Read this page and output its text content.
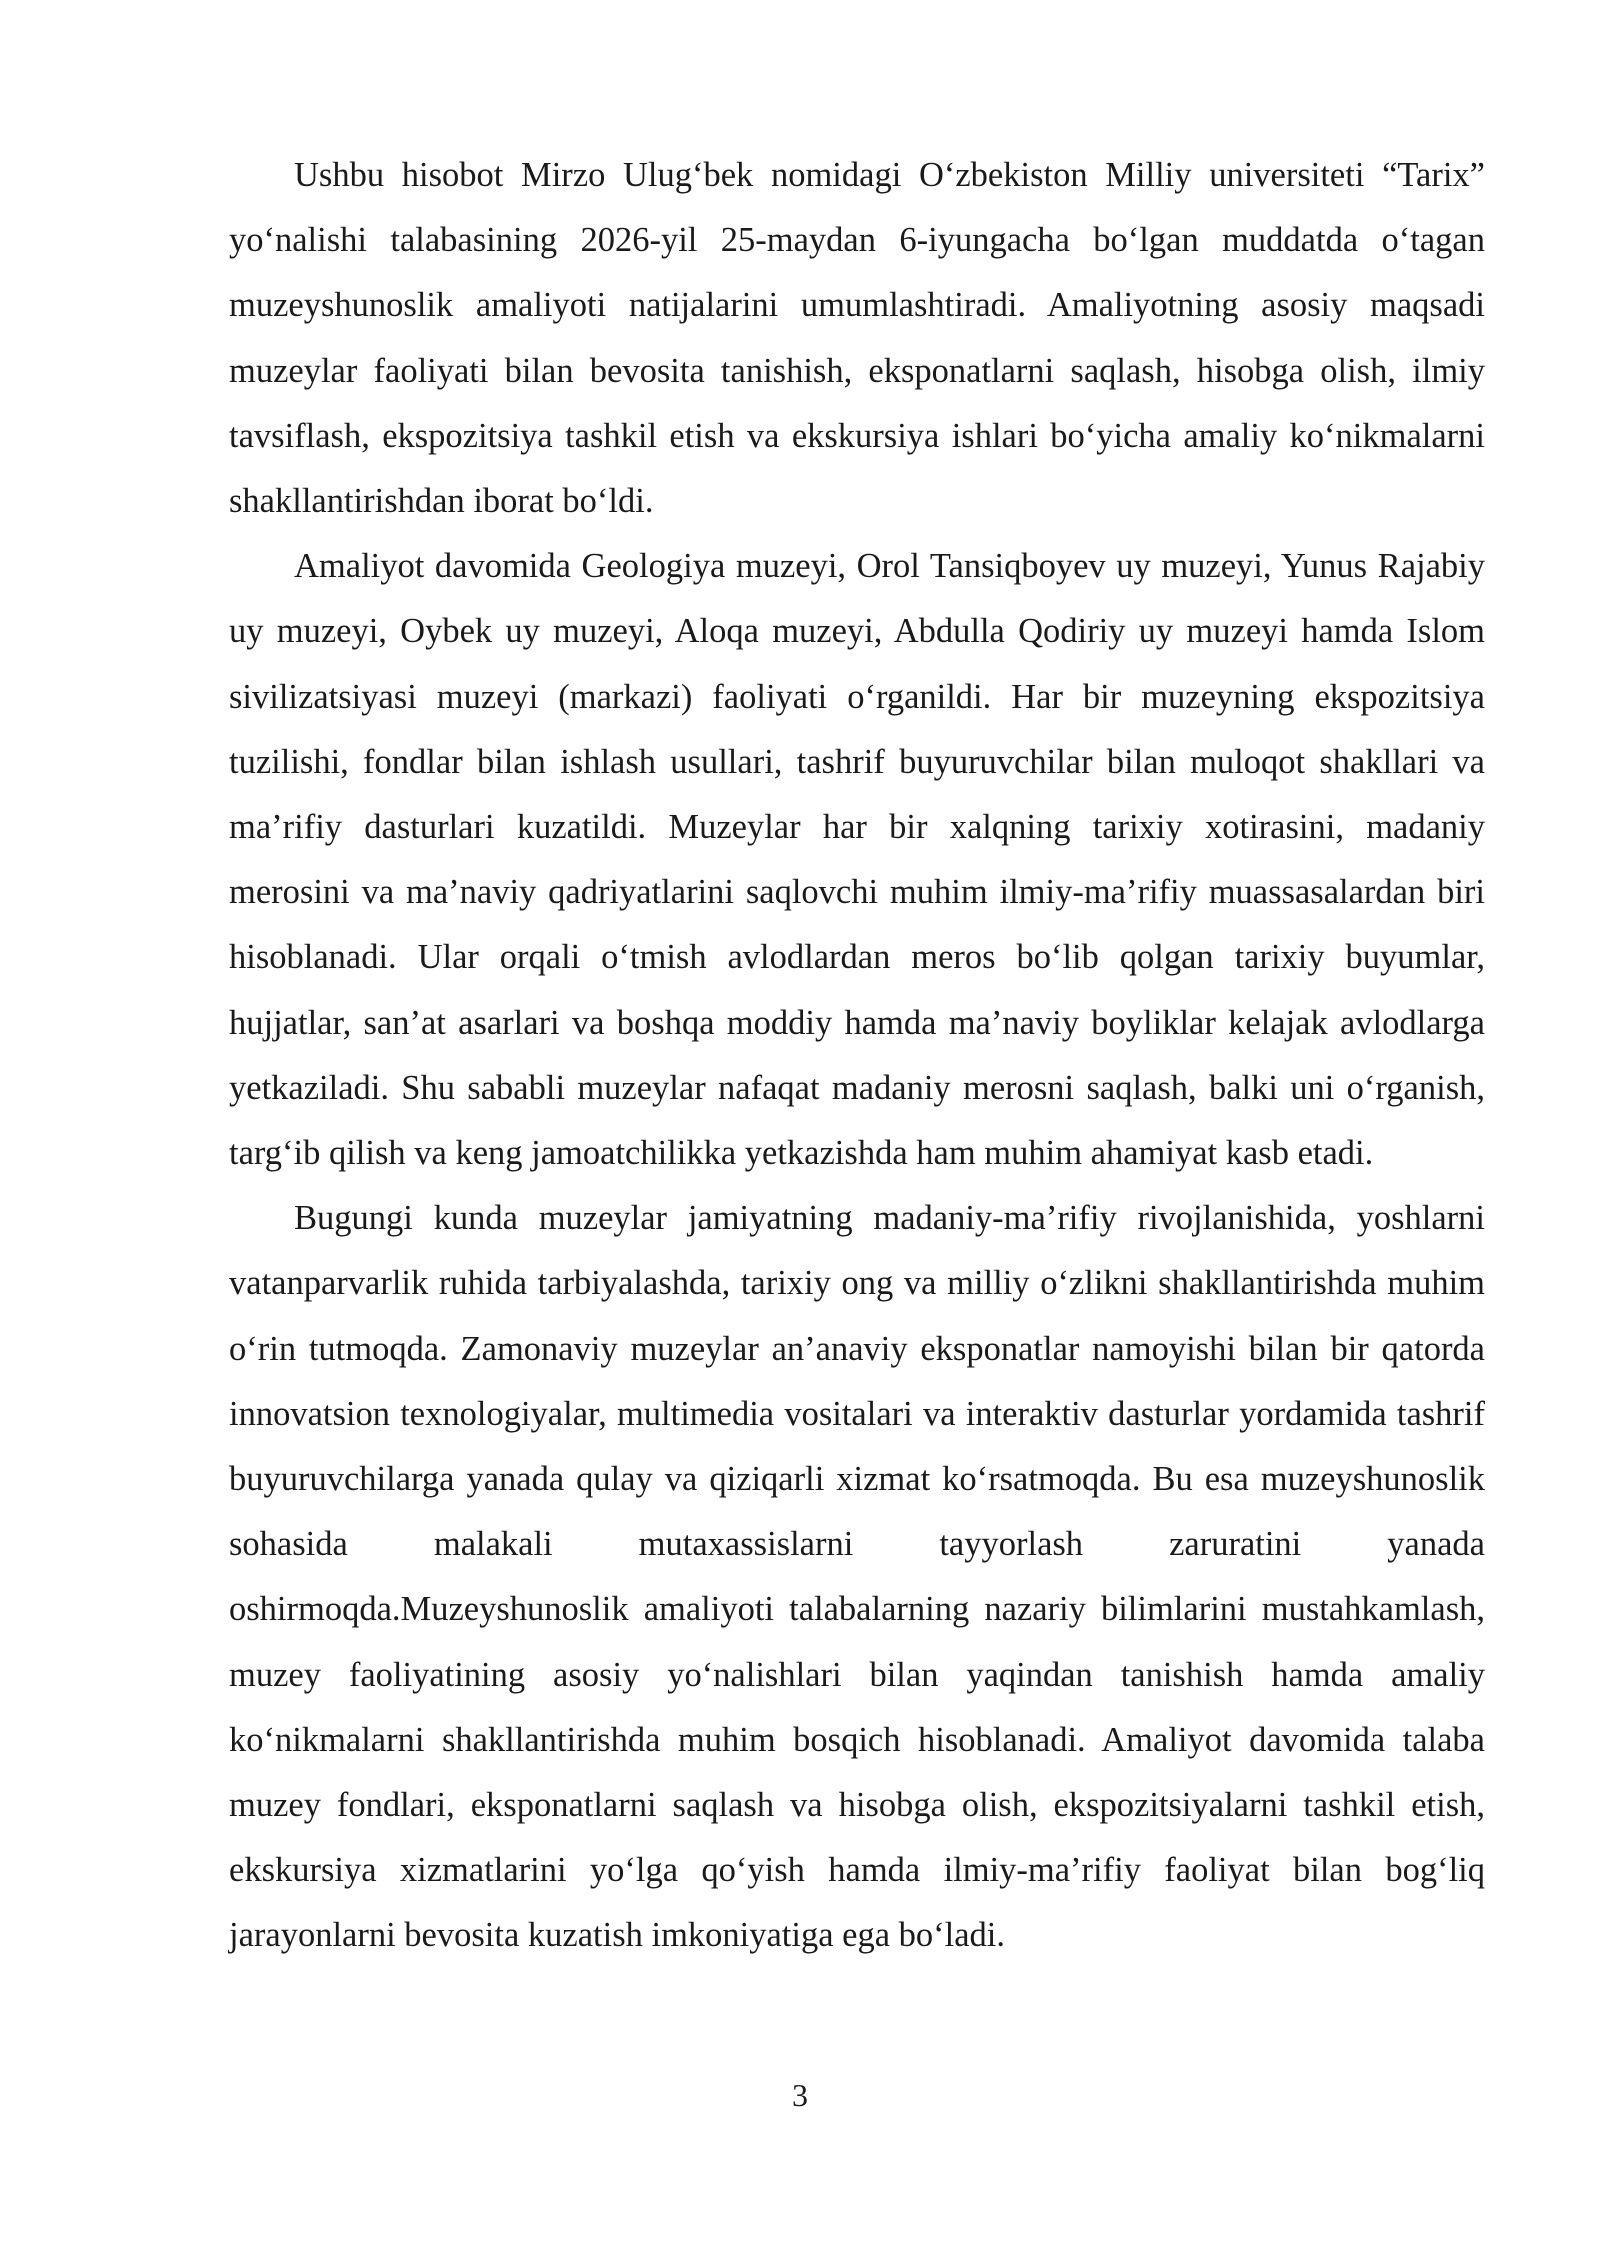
Ushbu hisobot Mirzo Ulug‘bek nomidagi O‘zbekiston Milliy universiteti “Tarix” yo‘nalishi talabasining 2026-yil 25-maydan 6-iyungacha bo‘lgan muddatda o‘tagan muzeyshunoslik amaliyoti natijalarini umumlashtiradi. Amaliyotning asosiy maqsadi muzeylar faoliyati bilan bevosita tanishish, eksponatlarni saqlash, hisobga olish, ilmiy tavsiflash, ekspozitsiya tashkil etish va ekskursiya ishlari bo‘yicha amaliy ko‘nikmalarni shakllantirishdan iborat bo‘ldi.

Amaliyot davomida Geologiya muzeyi, Orol Tansiqboyev uy muzeyi, Yunus Rajabiy uy muzeyi, Oybek uy muzeyi, Aloqa muzeyi, Abdulla Qodiriy uy muzeyi hamda Islom sivilizatsiyasi muzeyi (markazi) faoliyati o‘rganildi. Har bir muzeyning ekspozitsiya tuzilishi, fondlar bilan ishlash usullari, tashrif buyuruvchilar bilan muloqot shakllari va ma’rifiy dasturlari kuzatildi. Muzeylar har bir xalqning tarixiy xotirasini, madaniy merosini va ma’naviy qadriyatlarini saqlovchi muhim ilmiy-ma’rifiy muassasalardan biri hisoblanadi. Ular orqali o‘tmish avlodlardan meros bo‘lib qolgan tarixiy buyumlar, hujjatlar, san’at asarlari va boshqa moddiy hamda ma’naviy boyliklar kelajak avlodlarga yetkaziladi. Shu sababli muzeylar nafaqat madaniy merosni saqlash, balki uni o‘rganish, targ‘ib qilish va keng jamoatchilikka yetkazishda ham muhim ahamiyat kasb etadi.

Bugungi kunda muzeylar jamiyatning madaniy-ma’rifiy rivojlanishida, yoshlarni vatanparvarlik ruhida tarbiyalashda, tarixiy ong va milliy o‘zlikni shakllantirishda muhim o‘rin tutmoqda. Zamonaviy muzeylar an’anaviy eksponatlar namoyishi bilan bir qatorda innovatsion texnologiyalar, multimedia vositalari va interaktiv dasturlar yordamida tashrif buyuruvchilarga yanada qulay va qiziqarli xizmat ko‘rsatmoqda. Bu esa muzeyshunoslik sohasida malakali mutaxassislarni tayyorlash zaruratini yanada oshirmoqda.Muzeyshunoslik amaliyoti talabalarning nazariy bilimlarini mustahkamlash, muzey faoliyatining asosiy yo‘nalishlari bilan yaqindan tanishish hamda amaliy ko‘nikmalarni shakllantirishda muhim bosqich hisoblanadi. Amaliyot davomida talaba muzey fondlari, eksponatlarni saqlash va hisobga olish, ekspozitsiyalarni tashkil etish, ekskursiya xizmatlarini yo‘lga qo‘yish hamda ilmiy-ma’rifiy faoliyat bilan bog‘liq jarayonlarni bevosita kuzatish imkoniyatiga ega bo‘ladi.

3
